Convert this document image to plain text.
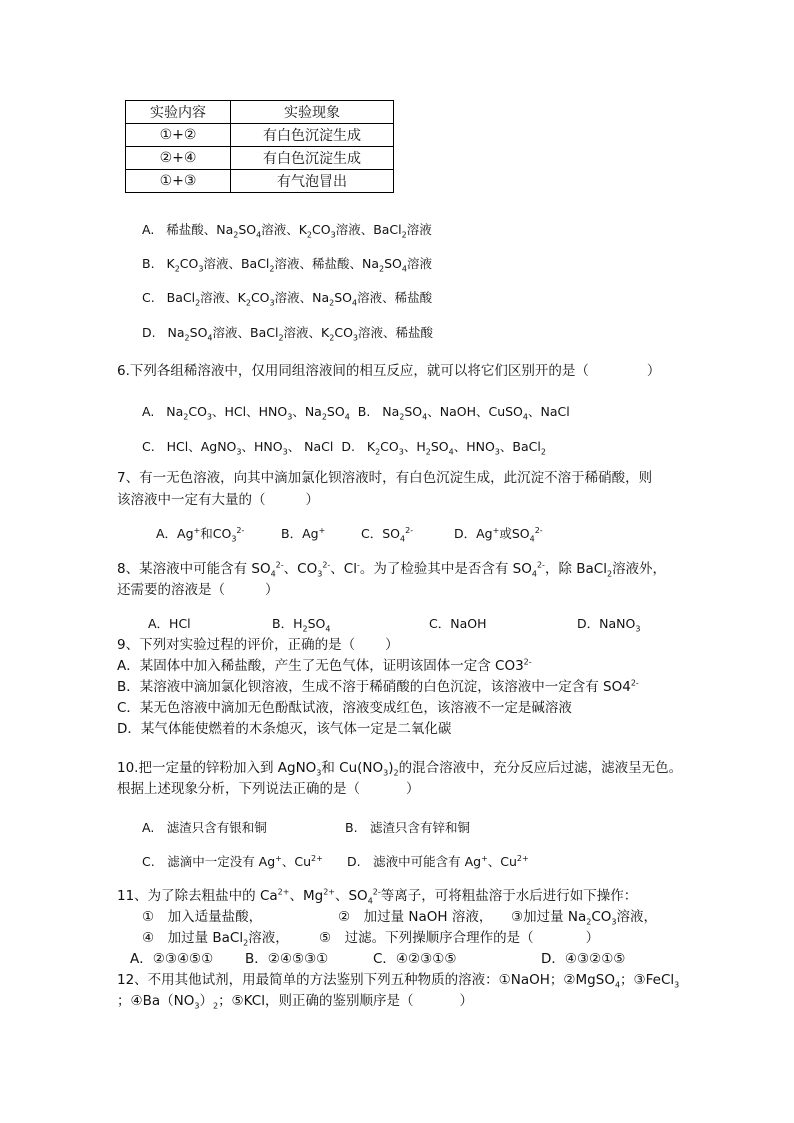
实验内容	实验现象
①+②	有白色沉淀生成
②+④	有白色沉淀生成
①+③	有气泡冒出
A. 稀盐酸、$Na_2SO_4$溶液、$K_2CO_3$溶液、BaCl$_2$溶液
B. $K_2CO_3$溶液、BaCl$_2$溶液、稀盐酸、$Na_2SO_4$溶液
C. BaCl$_2$溶液、$K_2CO_3$溶液、$Na_2SO_4$溶液、稀盐酸
D. $Na_2SO_4$溶液、BaCl$_2$溶液、$K_2CO_3$溶液、稀盐酸
6.下列各组稀溶液中，仅用同组溶液间的相互反应，就可以将它们区别开的是（	）
A. $Na_2CO_3$、HCl、$HNO_3$、$Na_2SO_4$ B. $Na_2SO_4$、NaOH、CuSO$_4$、NaCl
C. HCl、AgNO$_3$、$HNO_3$、 NaCl D. $K_2CO_3$、$H_2SO_4$、$HNO_3$、BaCl$_2$
7、有一无色溶液，向其中滴加氯化钡溶液时，有白色沉淀生成，此沉淀不溶于稀硝酸，则
该溶液中一定有大量的（	）
A．Ag+和$CO_3^{2-}$	B．Ag+	C．$SO_4^{2-}$	D．Ag+或$SO_4^{2-}$
8、某溶液中可能含有 $SO_4^{2-}$、$CO_3^{2-}$、Cl-。为了检验其中是否含有 $SO_4^{2-}$，除 BaCl$_2$溶液外，
还需要的溶液是（	）
A．HCl	B．$H_2SO_4$	C．NaOH	D．NaNO$_3$
9、下列对实验过程的评价，正确的是（ ）
A．某固体中加入稀盐酸，产生了无色气体，证明该固体一定含 $CO3^{2-}$
B．某溶液中滴加氯化钡溶液，生成不溶于稀硝酸的白色沉淀，该溶液中一定含有 $SO4^{2-}$
C．某无色溶液中滴加无色酚酞试液，溶液变成红色，该溶液不一定是碱溶液
D．某气体能使燃着的木条熄灭，该气体一定是二氧化碳
10.把一定量的锌粉加入到 AgNO$_3$和 $Cu(NO_3)_2$的混合溶液中，充分反应后过滤，滤液呈无色。
根据上述现象分析，下列说法正确的是（	）
A.　滤渣只含有银和铜	B.　滤渣只含有锌和铜
C.　滤滴中一定没有 Ag+、$Cu^{2+}$ D.　滤液中可能含有 Ag+、$Cu^{2+}$
11、为了除去粗盐中的 $Ca^{2+}$、$Mg^{2+}$、$SO_4^{2-}$等离子，可将粗盐溶于水后进行如下操作：
①　加入适量盐酸，	②　加过量 NaOH 溶液， ③加过量 $Na_2CO_3$溶液，
④　加过量 BaCl$_2$溶液， ⑤　过滤。下列操顺序合理作的是（	）
A．②③④⑤① B．②④⑤③①	C．④②③①⑤	D．④③②①⑤
12、不用其他试剂，用最简单的方法鉴别下列五种物质的溶液：①NaOH；②MgSO$_4$；③FeCl$_3$
；$④Ba(NO_3)_2$；⑤KCl，则正确的鉴别顺序是（	）
